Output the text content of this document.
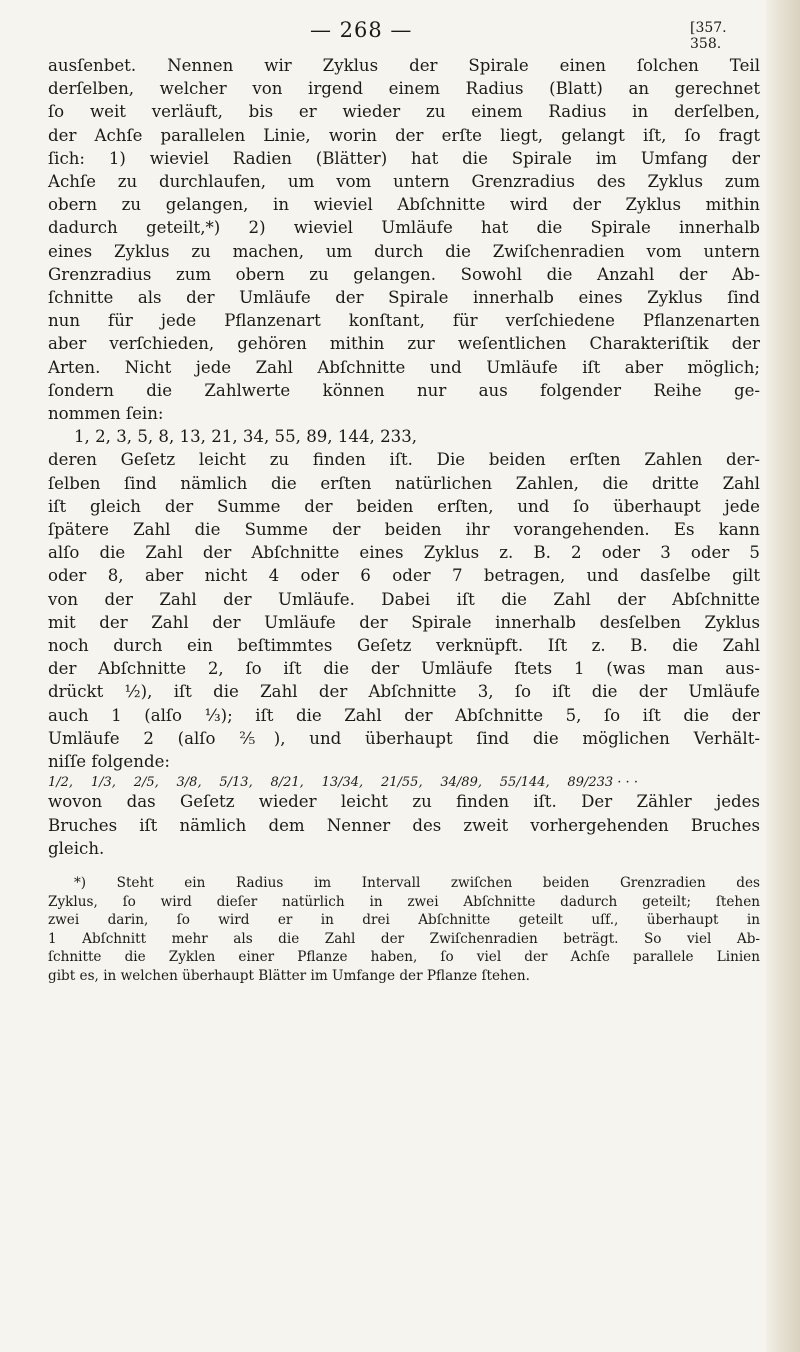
— 268 —	[357. 358.

ausſenbet. Nennen wir Zyklus der Spirale einen ſolchen Teil
derſelben, welcher von irgend einem Radius (Blatt) an gerechnet
ſo weit verläuft, bis er wieder zu einem Radius in derſelben,
der Achſe parallelen Linie, worin der erſte liegt, gelangt iſt, ſo fragt
ſich: 1) wieviel Radien (Blätter) hat die Spirale im Umfang der
Achſe zu durchlaufen, um vom untern Grenzradius des Zyklus zum
obern zu gelangen, in wieviel Abſchnitte wird der Zyklus mithin
dadurch geteilt,*) 2) wieviel Umläufe hat die Spirale innerhalb
eines Zyklus zu machen, um durch die Zwiſchenradien vom untern
Grenzradius zum obern zu gelangen. Sowohl die Anzahl der Ab-
ſchnitte als der Umläufe der Spirale innerhalb eines Zyklus ſind
nun für jede Pflanzenart konſtant, für verſchiedene Pflanzenarten
aber verſchieden, gehören mithin zur weſentlichen Charakteriſtik der
Arten. Nicht jede Zahl Abſchnitte und Umläufe iſt aber möglich;
ſondern die Zahlwerte können nur aus folgender Reihe ge-
nommen ſein:

1, 2, 3, 5, 8, 13, 21, 34, 55, 89, 144, 233,

deren Geſetz leicht zu finden iſt. Die beiden erſten Zahlen der-
ſelben ſind nämlich die erſten natürlichen Zahlen, die dritte Zahl
iſt gleich der Summe der beiden erſten, und ſo überhaupt jede
ſpätere Zahl die Summe der beiden ihr vorangehenden. Es kann
alſo die Zahl der Abſchnitte eines Zyklus z. B. 2 oder 3 oder 5
oder 8, aber nicht 4 oder 6 oder 7 betragen, und dasſelbe gilt
von der Zahl der Umläufe. Dabei iſt die Zahl der Abſchnitte
mit der Zahl der Umläufe der Spirale innerhalb desſelben Zyklus
noch durch ein beſtimmtes Geſetz verknüpft. Iſt z. B. die Zahl
der Abſchnitte 2, ſo iſt die der Umläufe ſtets 1 (was man aus-
drückt ½), iſt die Zahl der Abſchnitte 3, ſo iſt die der Umläufe
auch 1 (alſo ⅓); iſt die Zahl der Abſchnitte 5, ſo iſt die der
Umläufe 2 (alſo ⅖), und überhaupt ſind die möglichen Verhält-
niſſe folgende:

1/2, 1/3, 2/5, 3/8, 5/13, 8/21, 13/34, 21/55, 34/89, 55/144, 89/233 · · ·

wovon das Geſetz wieder leicht zu finden iſt. Der Zähler jedes
Bruches iſt nämlich dem Nenner des zweit vorhergehenden Bruches
gleich.

*) Steht ein Radius im Intervall zwiſchen beiden Grenzradien des
Zyklus, ſo wird dieſer natürlich in zwei Abſchnitte dadurch geteilt; ſtehen
zwei darin, ſo wird er in drei Abſchnitte geteilt uſf., überhaupt in
1 Abſchnitt mehr als die Zahl der Zwiſchenradien beträgt. So viel Ab-
ſchnitte die Zyklen einer Pflanze haben, ſo viel der Achſe parallele Linien
gibt es, in welchen überhaupt Blätter im Umfange der Pflanze ſtehen.
